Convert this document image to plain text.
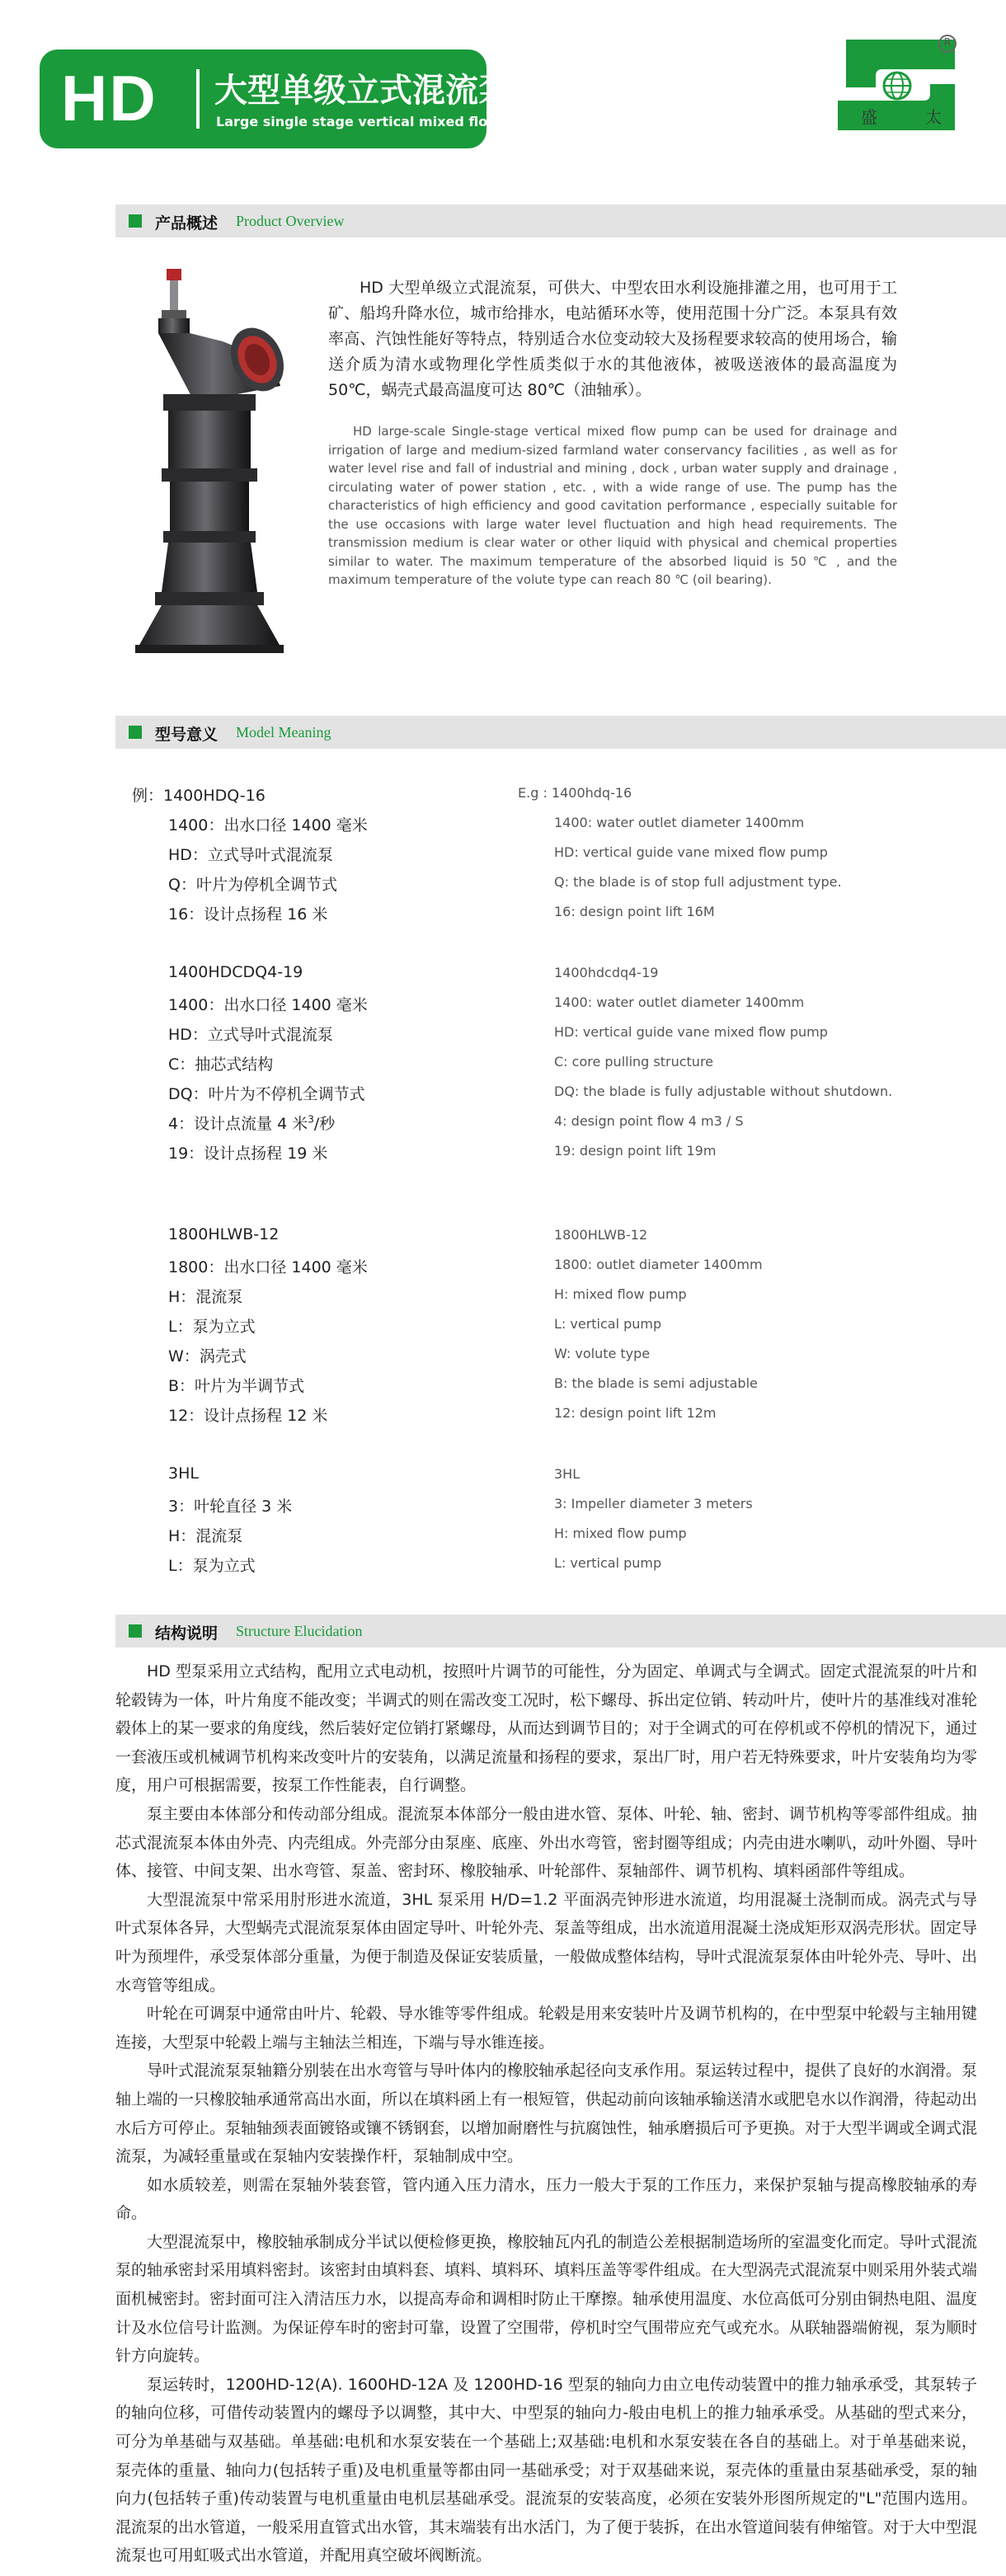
HD 大型单级立式混流泵
Large single stage vertical mixed flow pump
R
盛	太
产品概述 Product Overview
HD 大型单级立式混流泵，可供大、中型农田水利设施排灌之用，也可用于工矿、船坞升降水位，城市给排水，电站循环水等，使用范围十分广泛。本泵具有效率高、汽蚀性能好等特点，特别适合水位变动较大及扬程要求较高的使用场合，输送介质为清水或物理化学性质类似于水的其他液体，被吸送液体的最高温度为 50℃，蜗壳式最高温度可达 80℃（油轴承）。
HD large-scale Single-stage vertical mixed flow pump can be used for drainage and irrigation of large and medium-sized farmland water conservancy facilities , as well as for water level rise and fall of industrial and mining , dock , urban water supply and drainage , circulating water of power station , etc. , with a wide range of use. The pump has the characteristics of high efficiency and good cavitation performance , especially suitable for the use occasions with large water level fluctuation and high head requirements. The transmission medium is clear water or other liquid with physical and chemical properties similar to water. The maximum temperature of the absorbed liquid is 50 ℃ , and the maximum temperature of the volute type can reach 80 ℃ (oil bearing).
型号意义 Model Meaning
例：1400HDQ-16	E.g : 1400hdq-16
1400：出水口径 1400 毫米	1400: water outlet diameter 1400mm
HD：立式导叶式混流泵	HD: vertical guide vane mixed flow pump
Q：叶片为停机全调节式	Q: the blade is of stop full adjustment type.
16：设计点扬程 16 米	16: design point lift 16M
1400HDCDQ4-19	1400hdcdq4-19
1400：出水口径 1400 毫米	1400: water outlet diameter 1400mm
HD：立式导叶式混流泵	HD: vertical guide vane mixed flow pump
C：抽芯式结构	C: core pulling structure
DQ：叶片为不停机全调节式	DQ: the blade is fully adjustable without shutdown.
4：设计点流量 4 米$^3$/秒	4: design point flow 4 m3 / S
19：设计点扬程 19 米	19: design point lift 19m
1800HLWB-12	1800HLWB-12
1800：出水口径 1400 毫米	1800: outlet diameter 1400mm
H：混流泵	H: mixed flow pump
L：泵为立式	L: vertical pump
W：涡壳式	W: volute type
B：叶片为半调节式	B: the blade is semi adjustable
12：设计点扬程 12 米	12: design point lift 12m
3HL	3HL
3：叶轮直径 3 米	3: Impeller diameter 3 meters
H：混流泵	H: mixed flow pump
L：泵为立式	L: vertical pump
结构说明 Structure Elucidation

HD 型泵采用立式结构，配用立式电动机，按照叶片调节的可能性，分为固定、单调式与全调式。固定式混流泵的叶片和轮毂铸为一体，叶片角度不能改变；半调式的则在需改变工况时，松下螺母、拆出定位销、转动叶片，使叶片的基准线对准轮毂体上的某一要求的角度线，然后装好定位销打紧螺母，从而达到调节目的；对于全调式的可在停机或不停机的情况下，通过一套液压或机械调节机构来改变叶片的安装角，以满足流量和扬程的要求，泵出厂时，用户若无特殊要求，叶片安装角均为零度，用户可根据需要，按泵工作性能表，自行调整。

泵主要由本体部分和传动部分组成。混流泵本体部分一般由进水管、泵体、叶轮、轴、密封、调节机构等零部件组成。抽芯式混流泵本体由外壳、内壳组成。外壳部分由泵座、底座、外出水弯管，密封圈等组成；内壳由进水喇叭，动叶外圈、导叶体、接管、中间支架、出水弯管、泵盖、密封环、橡胶轴承、叶轮部件、泵轴部件、调节机构、填料函部件等组成。

大型混流泵中常采用肘形进水流道，3HL 泵采用 H/D=1.2 平面涡壳钟形进水流道，均用混凝土浇制而成。涡壳式与导叶式泵体各异，大型蜗壳式混流泵泵体由固定导叶、叶轮外壳、泵盖等组成，出水流道用混凝土浇成矩形双涡壳形状。固定导叶为预埋件，承受泵体部分重量，为便于制造及保证安装质量，一般做成整体结构，导叶式混流泵泵体由叶轮外壳、导叶、出水弯管等组成。

叶轮在可调泵中通常由叶片、轮毂、导水锥等零件组成。轮毂是用来安装叶片及调节机构的，在中型泵中轮毂与主轴用键连接，大型泵中轮毂上端与主轴法兰相连，下端与导水锥连接。

导叶式混流泵泵轴籍分别装在出水弯管与导叶体内的橡胶轴承起径向支承作用。泵运转过程中，提供了良好的水润滑。泵轴上端的一只橡胶轴承通常高出水面，所以在填料函上有一根短管，供起动前向该轴承输送清水或肥皂水以作润滑，待起动出水后方可停止。泵轴轴颈表面镀铬或镶不锈钢套，以增加耐磨性与抗腐蚀性，轴承磨损后可予更换。对于大型半调或全调式混流泵，为减轻重量或在泵轴内安装操作杆，泵轴制成中空。

如水质较差，则需在泵轴外装套管，管内通入压力清水，压力一般大于泵的工作压力，来保护泵轴与提高橡胶轴承的寿命。

大型混流泵中，橡胶轴承制成分半试以便检修更换，橡胶轴瓦内孔的制造公差根据制造场所的室温变化而定。导叶式混流泵的轴承密封采用填料密封。该密封由填料套、填料、填料环、填料压盖等零件组成。在大型涡壳式混流泵中则采用外装式端面机械密封。密封面可注入清洁压力水，以提高寿命和调相时防止干摩擦。轴承使用温度、水位高低可分别由铜热电阻、温度计及水位信号计监测。为保证停车时的密封可靠，设置了空围带，停机时空气围带应充气或充水。从联轴器端俯视，泵为顺时针方向旋转。

泵运转时，1200HD-12(A). 1600HD-12A 及 1200HD-16 型泵的轴向力由立电传动装置中的推力轴承承受，其泵转子的轴向位移，可借传动装置内的螺母予以调整，其中大、中型泵的轴向力-般由电机上的推力轴承承受。从基础的型式来分，可分为单基础与双基础。单基础:电机和水泵安装在一个基础上;双基础:电机和水泵安装在各自的基础上。对于单基础来说，泵壳体的重量、轴向力(包括转子重)及电机重量等都由同一基础承受；对于双基础来说，泵壳体的重量由泵基础承受，泵的轴向力(包括转子重)传动装置与电机重量由电机层基础承受。混流泵的安装高度，必须在安装外形图所规定的"L"范围内选用。混流泵的出水管道，一般采用直管式出水管，其末端装有出水活门，为了便于装拆，在出水管道间装有伸缩管。对于大中型混流泵也可用虹吸式出水管道，并配用真空破坏阀断流。
